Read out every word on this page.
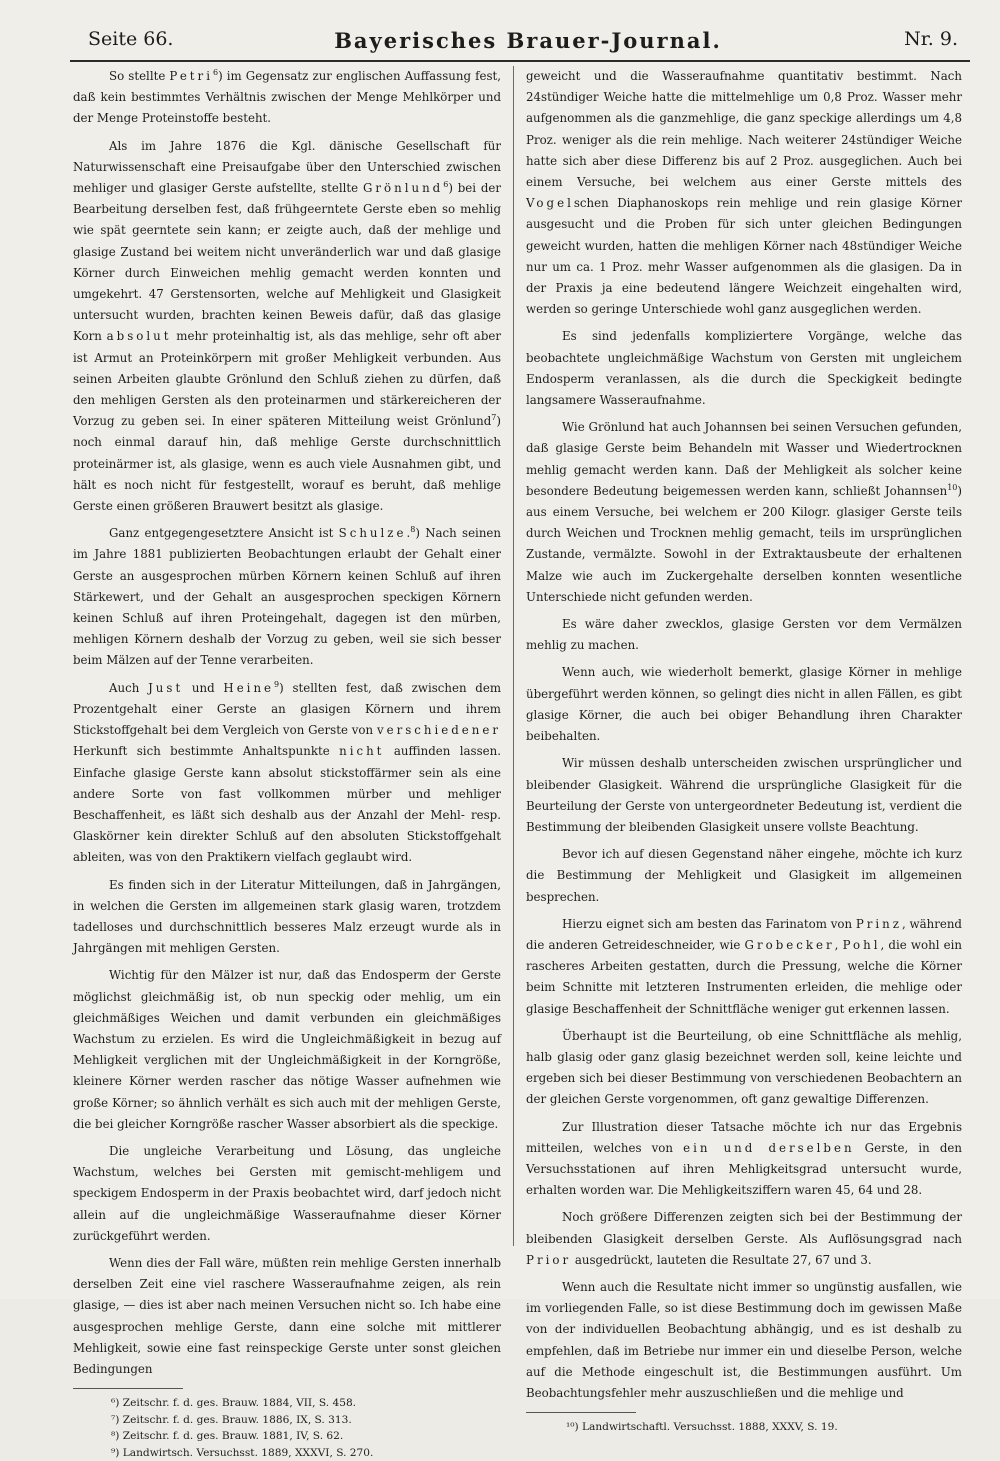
Seite 66.	Bayerisches Brauer-Journal.	Nr. 9.

So stellte Petri$^6$) im Gegensatz zur englischen Auffassung fest, daß kein bestimmtes Verhältnis zwischen der Menge Mehlkörper und der Menge Proteinstoffe besteht.

Als im Jahre 1876 die Kgl. dänische Gesellschaft für Naturwissenschaft eine Preisaufgabe über den Unterschied zwischen mehliger und glasiger Gerste aufstellte, stellte Grönlund$^6$) bei der Bearbeitung derselben fest, daß frühgeerntete Gerste eben so mehlig wie spät geerntete sein kann; er zeigte auch, daß der mehlige und glasige Zustand bei weitem nicht unveränderlich war und daß glasige Körner durch Einweichen mehlig gemacht werden konnten und umgekehrt. 47 Gerstensorten, welche auf Mehligkeit und Glasigkeit untersucht wurden, brachten keinen Beweis dafür, daß das glasige Korn absolut mehr proteinhaltig ist, als das mehlige, sehr oft aber ist Armut an Proteinkörpern mit großer Mehligkeit verbunden. Aus seinen Arbeiten glaubte Grönlund den Schluß ziehen zu dürfen, daß den mehligen Gersten als den proteinarmen und stärkereicheren der Vorzug zu geben sei. In einer späteren Mitteilung weist Grönlund$^7$) noch einmal darauf hin, daß mehlige Gerste durchschnittlich proteinärmer ist, als glasige, wenn es auch viele Ausnahmen gibt, und hält es noch nicht für festgestellt, worauf es beruht, daß mehlige Gerste einen größeren Brauwert besitzt als glasige.

Ganz entgegengesetztere Ansicht ist Schulze.$^8$) Nach seinen im Jahre 1881 publizierten Beobachtungen erlaubt der Gehalt einer Gerste an ausgesprochen mürben Körnern keinen Schluß auf ihren Stärkewert, und der Gehalt an ausgesprochen speckigen Körnern keinen Schluß auf ihren Proteingehalt, dagegen ist den mürben, mehligen Körnern deshalb der Vorzug zu geben, weil sie sich besser beim Mälzen auf der Tenne verarbeiten.

Auch Just und Heine$^9$) stellten fest, daß zwischen dem Prozentgehalt einer Gerste an glasigen Körnern und ihrem Stickstoffgehalt bei dem Vergleich von Gerste von verschiedener Herkunft sich bestimmte Anhaltspunkte nicht auffinden lassen. Einfache glasige Gerste kann absolut stickstoffärmer sein als eine andere Sorte von fast vollkommen mürber und mehliger Beschaffenheit, es läßt sich deshalb aus der Anzahl der Mehl- resp. Glaskörner kein direkter Schluß auf den absoluten Stickstoffgehalt ableiten, was von den Praktikern vielfach geglaubt wird.

Es finden sich in der Literatur Mitteilungen, daß in Jahrgängen, in welchen die Gersten im allgemeinen stark glasig waren, trotzdem tadelloses und durchschnittlich besseres Malz erzeugt wurde als in Jahrgängen mit mehligen Gersten.

Wichtig für den Mälzer ist nur, daß das Endosperm der Gerste möglichst gleichmäßig ist, ob nun speckig oder mehlig, um ein gleichmäßiges Weichen und damit verbunden ein gleichmäßiges Wachstum zu erzielen. Es wird die Ungleichmäßigkeit in bezug auf Mehligkeit verglichen mit der Ungleichmäßigkeit in der Korngröße, kleinere Körner werden rascher das nötige Wasser aufnehmen wie große Körner; so ähnlich verhält es sich auch mit der mehligen Gerste, die bei gleicher Korngröße rascher Wasser absorbiert als die speckige.

Die ungleiche Verarbeitung und Lösung, das ungleiche Wachstum, welches bei Gersten mit gemischt-mehligem und speckigem Endosperm in der Praxis beobachtet wird, darf jedoch nicht allein auf die ungleichmäßige Wasseraufnahme dieser Körner zurückgeführt werden.

Wenn dies der Fall wäre, müßten rein mehlige Gersten innerhalb derselben Zeit eine viel raschere Wasseraufnahme zeigen, als rein glasige, — dies ist aber nach meinen Versuchen nicht so. Ich habe eine ausgesprochen mehlige Gerste, dann eine solche mit mittlerer Mehligkeit, sowie eine fast reinspeckige Gerste unter sonst gleichen Bedingungen

⁶) Zeitschr. f. d. ges. Brauw. 1884, VII, S. 458.
⁷) Zeitschr. f. d. ges. Brauw. 1886, IX, S. 313.
⁸) Zeitschr. f. d. ges. Brauw. 1881, IV, S. 62.
⁹) Landwirtsch. Versuchsst. 1889, XXXVI, S. 270.

geweicht und die Wasseraufnahme quantitativ bestimmt. Nach 24stündiger Weiche hatte die mittelmehlige um 0,8 Proz. Wasser mehr aufgenommen als die ganzmehlige, die ganz speckige allerdings um 4,8 Proz. weniger als die rein mehlige. Nach weiterer 24stündiger Weiche hatte sich aber diese Differenz bis auf 2 Proz. ausgeglichen. Auch bei einem Versuche, bei welchem aus einer Gerste mittels des Vogelschen Diaphanoskops rein mehlige und rein glasige Körner ausgesucht und die Proben für sich unter gleichen Bedingungen geweicht wurden, hatten die mehligen Körner nach 48stündiger Weiche nur um ca. 1 Proz. mehr Wasser aufgenommen als die glasigen. Da in der Praxis ja eine bedeutend längere Weichzeit eingehalten wird, werden so geringe Unterschiede wohl ganz ausgeglichen werden.

Es sind jedenfalls kompliziertere Vorgänge, welche das beobachtete ungleichmäßige Wachstum von Gersten mit ungleichem Endosperm veranlassen, als die durch die Speckigkeit bedingte langsamere Wasseraufnahme.

Wie Grönlund hat auch Johannsen bei seinen Versuchen gefunden, daß glasige Gerste beim Behandeln mit Wasser und Wiedertrocknen mehlig gemacht werden kann. Daß der Mehligkeit als solcher keine besondere Bedeutung beigemessen werden kann, schließt Johannsen$^{10}$) aus einem Versuche, bei welchem er 200 Kilogr. glasiger Gerste teils durch Weichen und Trocknen mehlig gemacht, teils im ursprünglichen Zustande, vermälzte. Sowohl in der Extraktausbeute der erhaltenen Malze wie auch im Zuckergehalte derselben konnten wesentliche Unterschiede nicht gefunden werden.

Es wäre daher zwecklos, glasige Gersten vor dem Vermälzen mehlig zu machen.

Wenn auch, wie wiederholt bemerkt, glasige Körner in mehlige übergeführt werden können, so gelingt dies nicht in allen Fällen, es gibt glasige Körner, die auch bei obiger Behandlung ihren Charakter beibehalten.

Wir müssen deshalb unterscheiden zwischen ursprünglicher und bleibender Glasigkeit. Während die ursprüngliche Glasigkeit für die Beurteilung der Gerste von untergeordneter Bedeutung ist, verdient die Bestimmung der bleibenden Glasigkeit unsere vollste Beachtung.

Bevor ich auf diesen Gegenstand näher eingehe, möchte ich kurz die Bestimmung der Mehligkeit und Glasigkeit im allgemeinen besprechen.

Hierzu eignet sich am besten das Farinatom von Prinz, während die anderen Getreideschneider, wie Grobecker, Pohl, die wohl ein rascheres Arbeiten gestatten, durch die Pressung, welche die Körner beim Schnitte mit letzteren Instrumenten erleiden, die mehlige oder glasige Beschaffenheit der Schnittfläche weniger gut erkennen lassen.

Überhaupt ist die Beurteilung, ob eine Schnittfläche als mehlig, halb glasig oder ganz glasig bezeichnet werden soll, keine leichte und ergeben sich bei dieser Bestimmung von verschiedenen Beobachtern an der gleichen Gerste vorgenommen, oft ganz gewaltige Differenzen.

Zur Illustration dieser Tatsache möchte ich nur das Ergebnis mitteilen, welches von ein und derselben Gerste, in den Versuchsstationen auf ihren Mehligkeitsgrad untersucht wurde, erhalten worden war. Die Mehligkeitsziffern waren 45, 64 und 28.

Noch größere Differenzen zeigten sich bei der Bestimmung der bleibenden Glasigkeit derselben Gerste. Als Auflösungsgrad nach Prior ausgedrückt, lauteten die Resultate 27, 67 und 3.

Wenn auch die Resultate nicht immer so ungünstig ausfallen, wie im vorliegenden Falle, so ist diese Bestimmung doch im gewissen Maße von der individuellen Beobachtung abhängig, und es ist deshalb zu empfehlen, daß im Betriebe nur immer ein und dieselbe Person, welche auf die Methode eingeschult ist, die Bestimmungen ausführt. Um Beobachtungsfehler mehr auszuschließen und die mehlige und

¹⁰) Landwirtschaftl. Versuchsst. 1888, XXXV, S. 19.
